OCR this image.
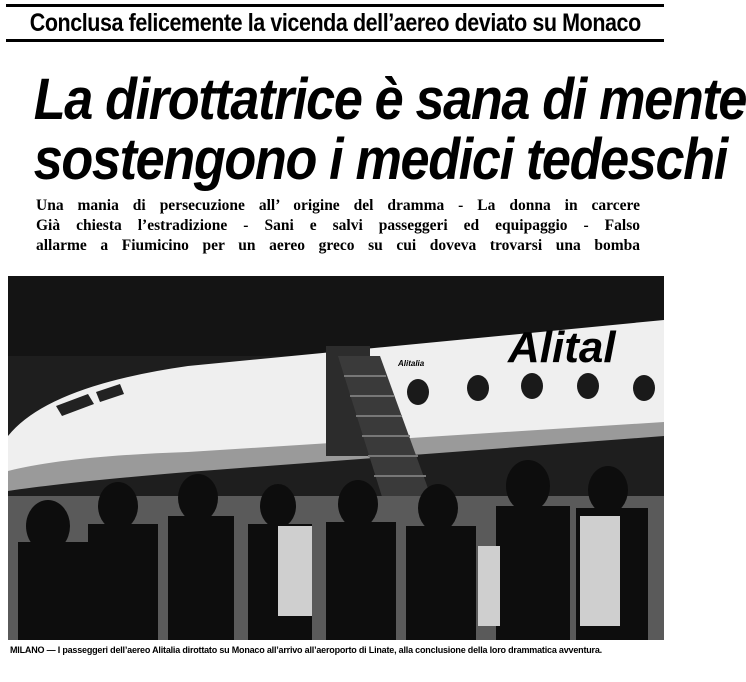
Conclusa felicemente la vicenda dell’aereo deviato su Monaco
La dirottatrice è sana di mente
sostengono i medici tedeschi
Una mania di persecuzione all’ origine del dramma - La donna in carcere
Già chiesta l’estradizione - Sani e salvi passeggeri ed equipaggio - Falso
allarme a Fiumicino per un aereo greco su cui doveva trovarsi una bomba
Alital
Alitalia
MILANO — I passeggeri dell’aereo Alitalia dirottato su Monaco all’arrivo all’aeroporto di Linate, alla conclusione della loro drammatica avventura.
